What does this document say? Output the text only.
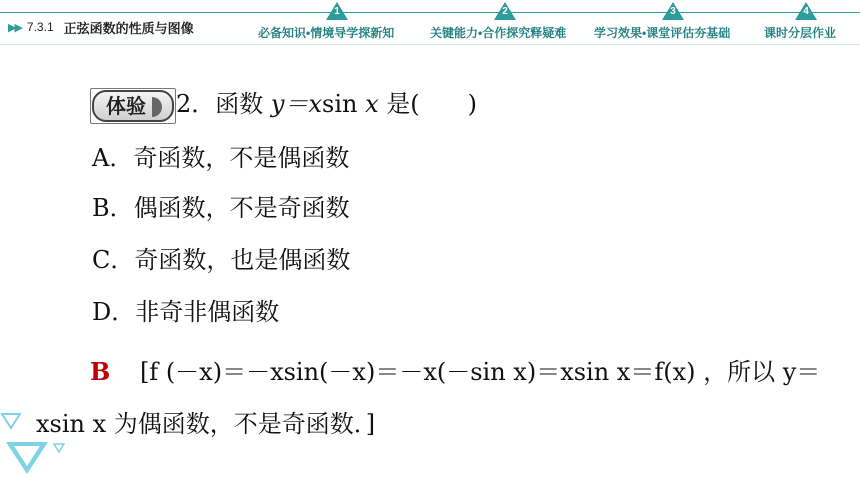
▶▶ 7.3.1 正弦函数的性质与图像
1
必备知识•情境导学探新知
2
关键能力•合作探究释疑难
3
学习效果•课堂评估夯基础
4
课时分层作业
体验 2．函数 y＝xsin x 是(　　)
A．奇函数，不是偶函数
B．偶函数，不是奇函数
C．奇函数，也是偶函数
D．非奇非偶函数
B [f (－x)＝－xsin(－x)＝－x(－sin x)＝xsin x＝f(x) ，所以 y＝
xsin x 为偶函数，不是奇函数．]
